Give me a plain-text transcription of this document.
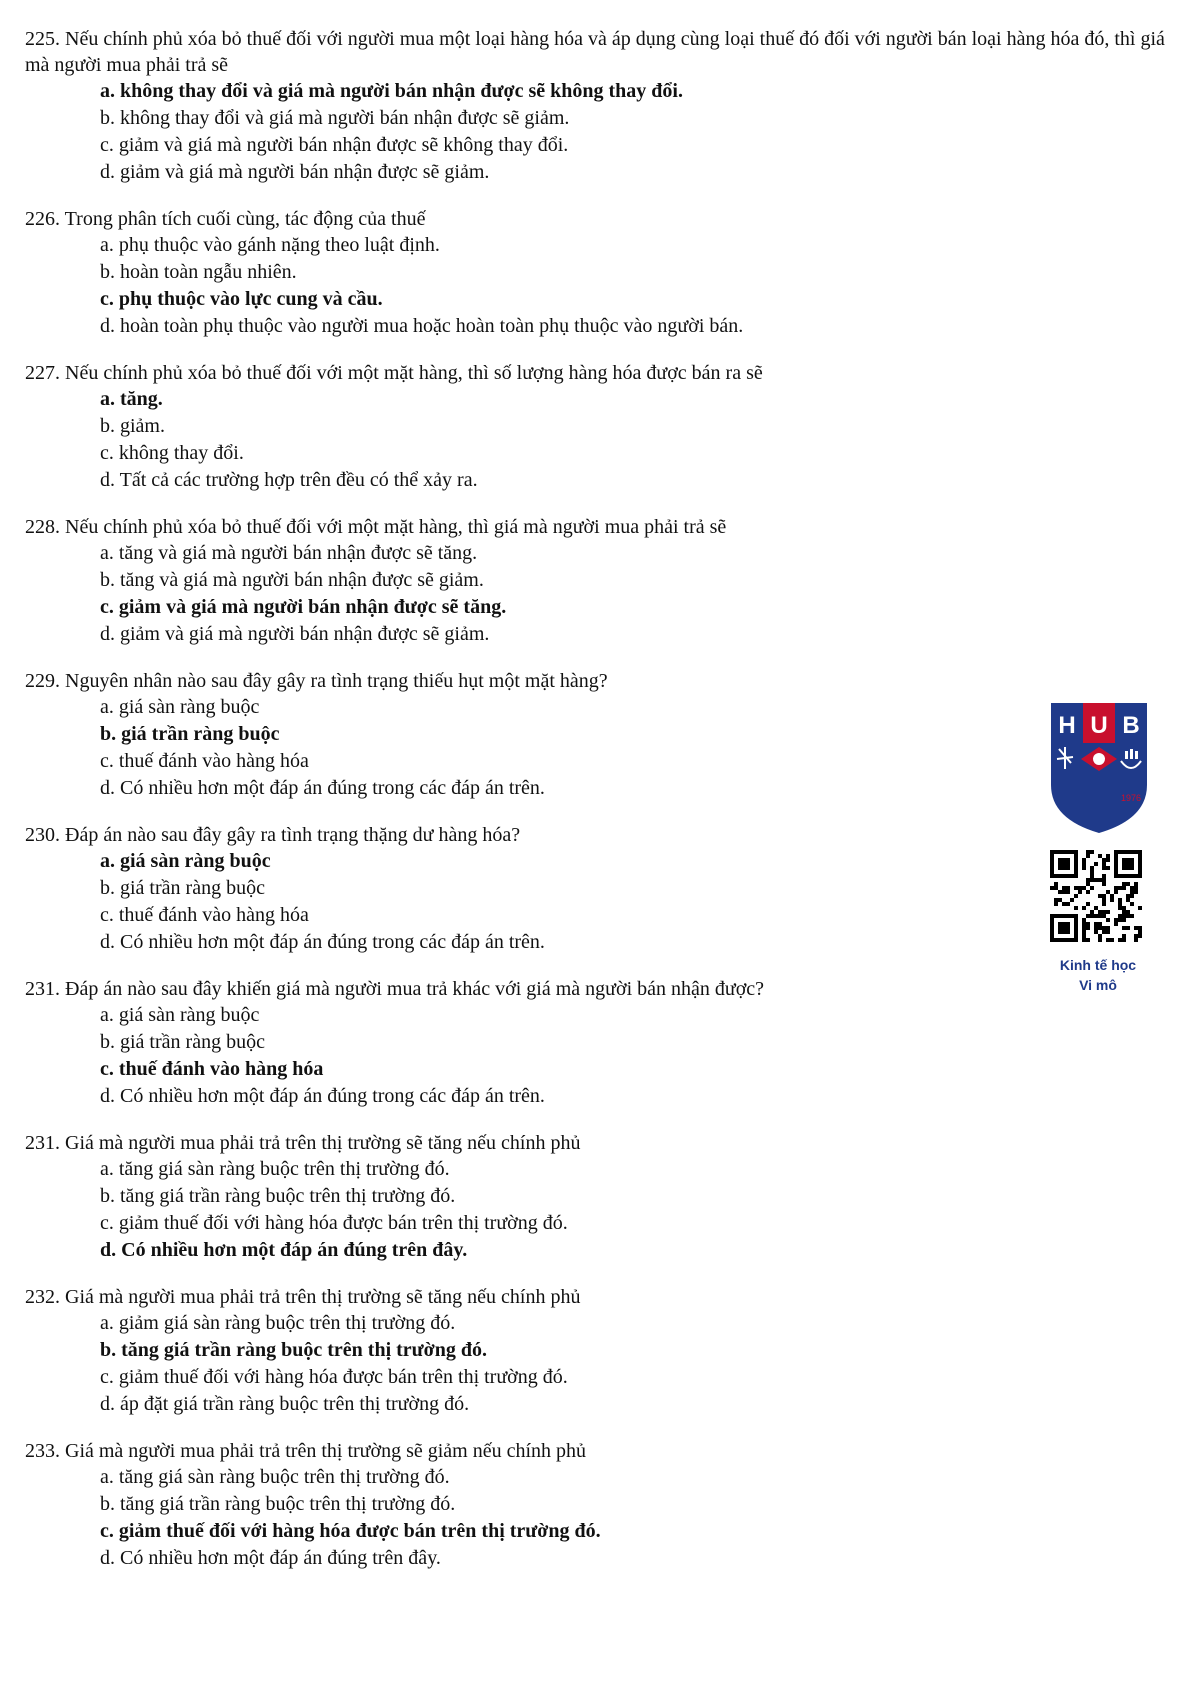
225. Nếu chính phủ xóa bỏ thuế đối với người mua một loại hàng hóa và áp dụng cùng loại thuế đó đối với người bán loại hàng hóa đó, thì giá mà người mua phải trả sẽ

a. không thay đổi và giá mà người bán nhận được sẽ không thay đổi.

b. không thay đổi và giá mà người bán nhận được sẽ giảm.

c. giảm và giá mà người bán nhận được sẽ không thay đổi.

d. giảm và giá mà người bán nhận được sẽ giảm.

226. Trong phân tích cuối cùng, tác động của thuế

a. phụ thuộc vào gánh nặng theo luật định.

b. hoàn toàn ngẫu nhiên.

c. phụ thuộc vào lực cung và cầu.

d. hoàn toàn phụ thuộc vào người mua hoặc hoàn toàn phụ thuộc vào người bán.

227. Nếu chính phủ xóa bỏ thuế đối với một mặt hàng, thì số lượng hàng hóa được bán ra sẽ

a. tăng.

b. giảm.

c. không thay đổi.

d. Tất cả các trường hợp trên đều có thể xảy ra.

228. Nếu chính phủ xóa bỏ thuế đối với một mặt hàng, thì giá mà người mua phải trả sẽ

a. tăng và giá mà người bán nhận được sẽ tăng.

b. tăng và giá mà người bán nhận được sẽ giảm.

c. giảm và giá mà người bán nhận được sẽ tăng.

d. giảm và giá mà người bán nhận được sẽ giảm.

229. Nguyên nhân nào sau đây gây ra tình trạng thiếu hụt một mặt hàng?

a. giá sàn ràng buộc

b. giá trần ràng buộc

c. thuế đánh vào hàng hóa

d. Có nhiều hơn một đáp án đúng trong các đáp án trên.

230. Đáp án nào sau đây gây ra tình trạng thặng dư hàng hóa?

a. giá sàn ràng buộc

b. giá trần ràng buộc

c. thuế đánh vào hàng hóa

d. Có nhiều hơn một đáp án đúng trong các đáp án trên.

231. Đáp án nào sau đây khiến giá mà người mua trả khác với giá mà người bán nhận được?

a. giá sàn ràng buộc

b. giá trần ràng buộc

c. thuế đánh vào hàng hóa

d. Có nhiều hơn một đáp án đúng trong các đáp án trên.

231. Giá mà người mua phải trả trên thị trường sẽ tăng nếu chính phủ

a. tăng giá sàn ràng buộc trên thị trường đó.

b. tăng giá trần ràng buộc trên thị trường đó.

c. giảm thuế đối với hàng hóa được bán trên thị trường đó.

d. Có nhiều hơn một đáp án đúng trên đây.

232. Giá mà người mua phải trả trên thị trường sẽ tăng nếu chính phủ

a. giảm giá sàn ràng buộc trên thị trường đó.

b. tăng giá trần ràng buộc trên thị trường đó.

c. giảm thuế đối với hàng hóa được bán trên thị trường đó.

d. áp đặt giá trần ràng buộc trên thị trường đó.

233. Giá mà người mua phải trả trên thị trường sẽ giảm nếu chính phủ

a. tăng giá sàn ràng buộc trên thị trường đó.

b. tăng giá trần ràng buộc trên thị trường đó.

c. giảm thuế đối với hàng hóa được bán trên thị trường đó.

d. Có nhiều hơn một đáp án đúng trên đây.

H U B
1976
Kinh tế học
Vi mô
